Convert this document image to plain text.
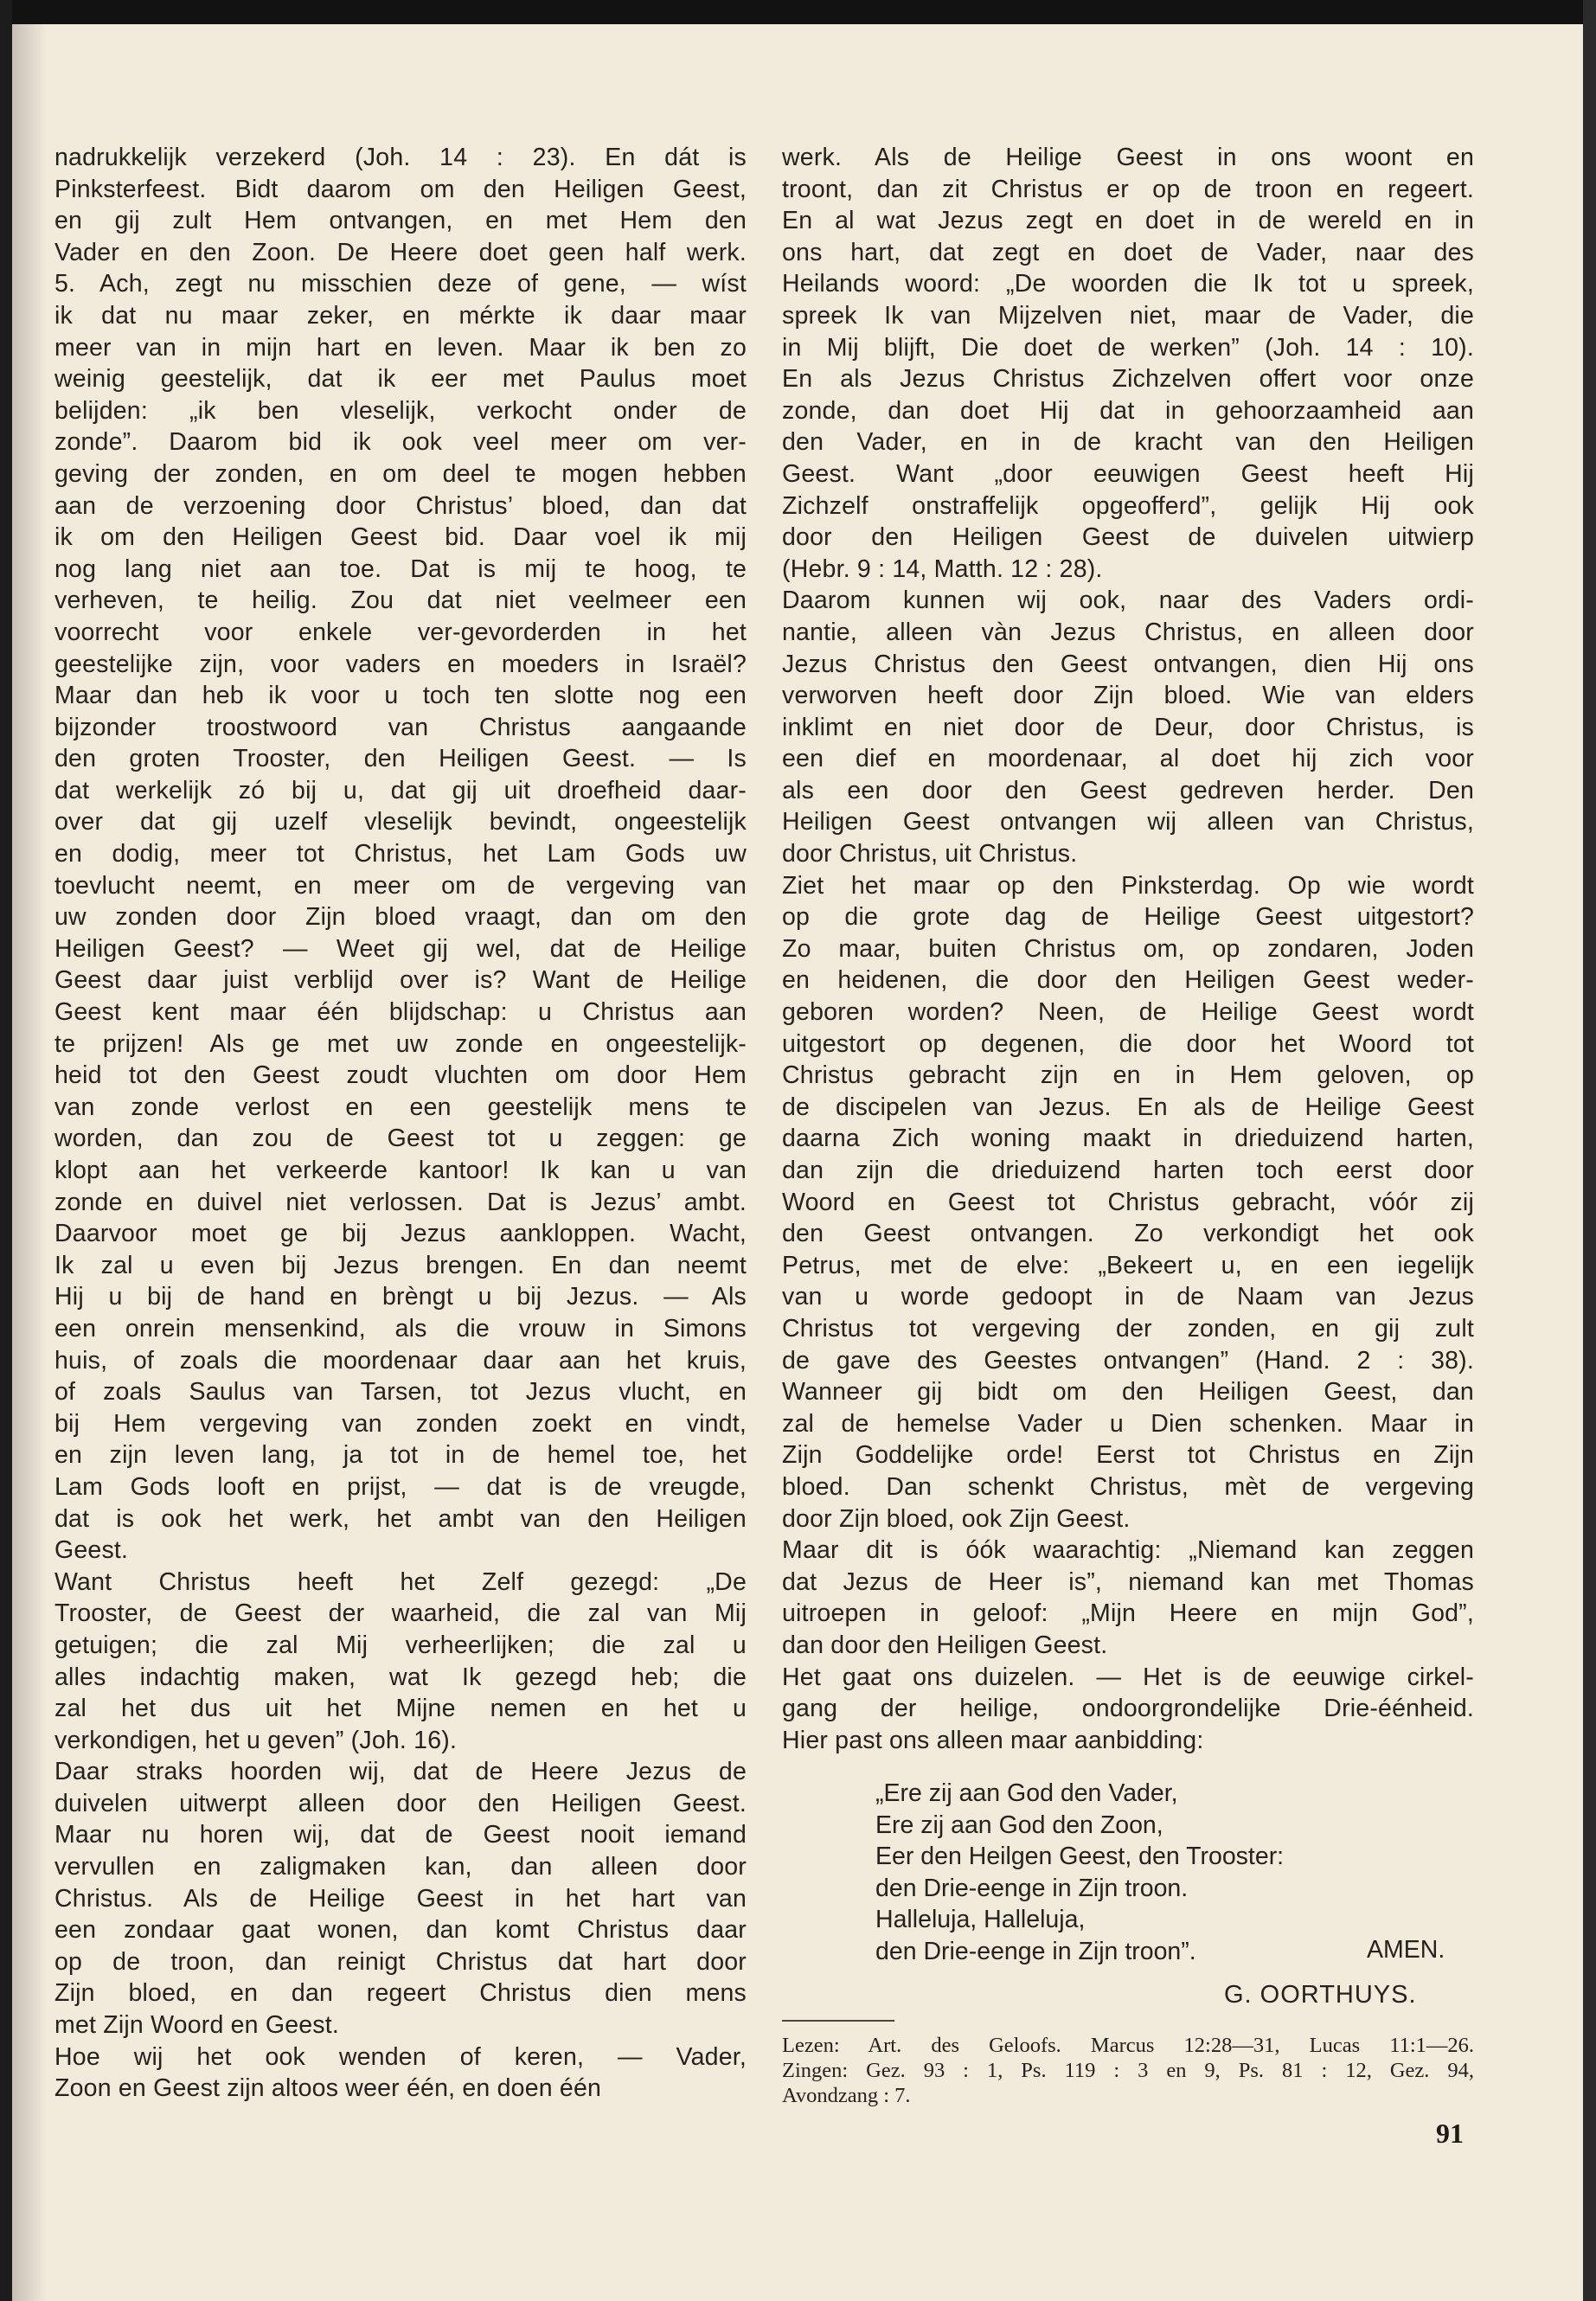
nadrukkelijk verzekerd (Joh. 14 : 23). En dát is
Pinksterfeest. Bidt daarom om den Heiligen Geest,
en gij zult Hem ontvangen, en met Hem den
Vader en den Zoon. De Heere doet geen half werk.
5. Ach, zegt nu misschien deze of gene, — wíst
ik dat nu maar zeker, en mérkte ik daar maar
meer van in mijn hart en leven. Maar ik ben zo
weinig geestelijk, dat ik eer met Paulus moet
belijden: „ik ben vleselijk, verkocht onder de
zonde”. Daarom bid ik ook veel meer om ver-
geving der zonden, en om deel te mogen hebben
aan de verzoening door Christus’ bloed, dan dat
ik om den Heiligen Geest bid. Daar voel ik mij
nog lang niet aan toe. Dat is mij te hoog, te
verheven, te heilig. Zou dat niet veelmeer een
voorrecht voor enkele ver-gevorderden in het
geestelijke zijn, voor vaders en moeders in Israël?
Maar dan heb ik voor u toch ten slotte nog een
bijzonder troostwoord van Christus aangaande
den groten Trooster, den Heiligen Geest. — Is
dat werkelijk zó bij u, dat gij uit droefheid daar-
over dat gij uzelf vleselijk bevindt, ongeestelijk
en dodig, meer tot Christus, het Lam Gods uw
toevlucht neemt, en meer om de vergeving van
uw zonden door Zijn bloed vraagt, dan om den
Heiligen Geest? — Weet gij wel, dat de Heilige
Geest daar juist verblijd over is? Want de Heilige
Geest kent maar één blijdschap: u Christus aan
te prijzen! Als ge met uw zonde en ongeestelijk-
heid tot den Geest zoudt vluchten om door Hem
van zonde verlost en een geestelijk mens te
worden, dan zou de Geest tot u zeggen: ge
klopt aan het verkeerde kantoor! Ik kan u van
zonde en duivel niet verlossen. Dat is Jezus’ ambt.
Daarvoor moet ge bij Jezus aankloppen. Wacht,
Ik zal u even bij Jezus brengen. En dan neemt
Hij u bij de hand en brèngt u bij Jezus. — Als
een onrein mensenkind, als die vrouw in Simons
huis, of zoals die moordenaar daar aan het kruis,
of zoals Saulus van Tarsen, tot Jezus vlucht, en
bij Hem vergeving van zonden zoekt en vindt,
en zijn leven lang, ja tot in de hemel toe, het
Lam Gods looft en prijst, — dat is de vreugde,
dat is ook het werk, het ambt van den Heiligen
Geest.
Want Christus heeft het Zelf gezegd: „De
Trooster, de Geest der waarheid, die zal van Mij
getuigen; die zal Mij verheerlijken; die zal u
alles indachtig maken, wat Ik gezegd heb; die
zal het dus uit het Mijne nemen en het u
verkondigen, het u geven” (Joh. 16).
Daar straks hoorden wij, dat de Heere Jezus de
duivelen uitwerpt alleen door den Heiligen Geest.
Maar nu horen wij, dat de Geest nooit iemand
vervullen en zaligmaken kan, dan alleen door
Christus. Als de Heilige Geest in het hart van
een zondaar gaat wonen, dan komt Christus daar
op de troon, dan reinigt Christus dat hart door
Zijn bloed, en dan regeert Christus dien mens
met Zijn Woord en Geest.
Hoe wij het ook wenden of keren, — Vader,
Zoon en Geest zijn altoos weer één, en doen één
werk. Als de Heilige Geest in ons woont en
troont, dan zit Christus er op de troon en regeert.
En al wat Jezus zegt en doet in de wereld en in
ons hart, dat zegt en doet de Vader, naar des
Heilands woord: „De woorden die Ik tot u spreek,
spreek Ik van Mijzelven niet, maar de Vader, die
in Mij blijft, Die doet de werken” (Joh. 14 : 10).
En als Jezus Christus Zichzelven offert voor onze
zonde, dan doet Hij dat in gehoorzaamheid aan
den Vader, en in de kracht van den Heiligen
Geest. Want „door eeuwigen Geest heeft Hij
Zichzelf onstraffelijk opgeofferd”, gelijk Hij ook
door den Heiligen Geest de duivelen uitwierp
(Hebr. 9 : 14, Matth. 12 : 28).
Daarom kunnen wij ook, naar des Vaders ordi-
nantie, alleen vàn Jezus Christus, en alleen door
Jezus Christus den Geest ontvangen, dien Hij ons
verworven heeft door Zijn bloed. Wie van elders
inklimt en niet door de Deur, door Christus, is
een dief en moordenaar, al doet hij zich voor
als een door den Geest gedreven herder. Den
Heiligen Geest ontvangen wij alleen van Christus,
door Christus, uit Christus.
Ziet het maar op den Pinksterdag. Op wie wordt
op die grote dag de Heilige Geest uitgestort?
Zo maar, buiten Christus om, op zondaren, Joden
en heidenen, die door den Heiligen Geest weder-
geboren worden? Neen, de Heilige Geest wordt
uitgestort op degenen, die door het Woord tot
Christus gebracht zijn en in Hem geloven, op
de discipelen van Jezus. En als de Heilige Geest
daarna Zich woning maakt in drieduizend harten,
dan zijn die drieduizend harten toch eerst door
Woord en Geest tot Christus gebracht, vóór zij
den Geest ontvangen. Zo verkondigt het ook
Petrus, met de elve: „Bekeert u, en een iegelijk
van u worde gedoopt in de Naam van Jezus
Christus tot vergeving der zonden, en gij zult
de gave des Geestes ontvangen” (Hand. 2 : 38).
Wanneer gij bidt om den Heiligen Geest, dan
zal de hemelse Vader u Dien schenken. Maar in
Zijn Goddelijke orde! Eerst tot Christus en Zijn
bloed. Dan schenkt Christus, mèt de vergeving
door Zijn bloed, ook Zijn Geest.
Maar dit is óók waarachtig: „Niemand kan zeggen
dat Jezus de Heer is”, niemand kan met Thomas
uitroepen in geloof: „Mijn Heere en mijn God”,
dan door den Heiligen Geest.
Het gaat ons duizelen. — Het is de eeuwige cirkel-
gang der heilige, ondoorgrondelijke Drie-éénheid.
Hier past ons alleen maar aanbidding:
„Ere zij aan God den Vader,
Ere zij aan God den Zoon,
Eer den Heilgen Geest, den Trooster:
den Drie-eenge in Zijn troon.
Halleluja, Halleluja,
den Drie-eenge in Zijn troon”.	AMEN.
G. OORTHUYS.
Lezen: Art. des Geloofs. Marcus 12:28—31, Lucas 11:1—26.
Zingen: Gez. 93 : 1, Ps. 119 : 3 en 9, Ps. 81 : 12, Gez. 94,
Avondzang : 7.
91
